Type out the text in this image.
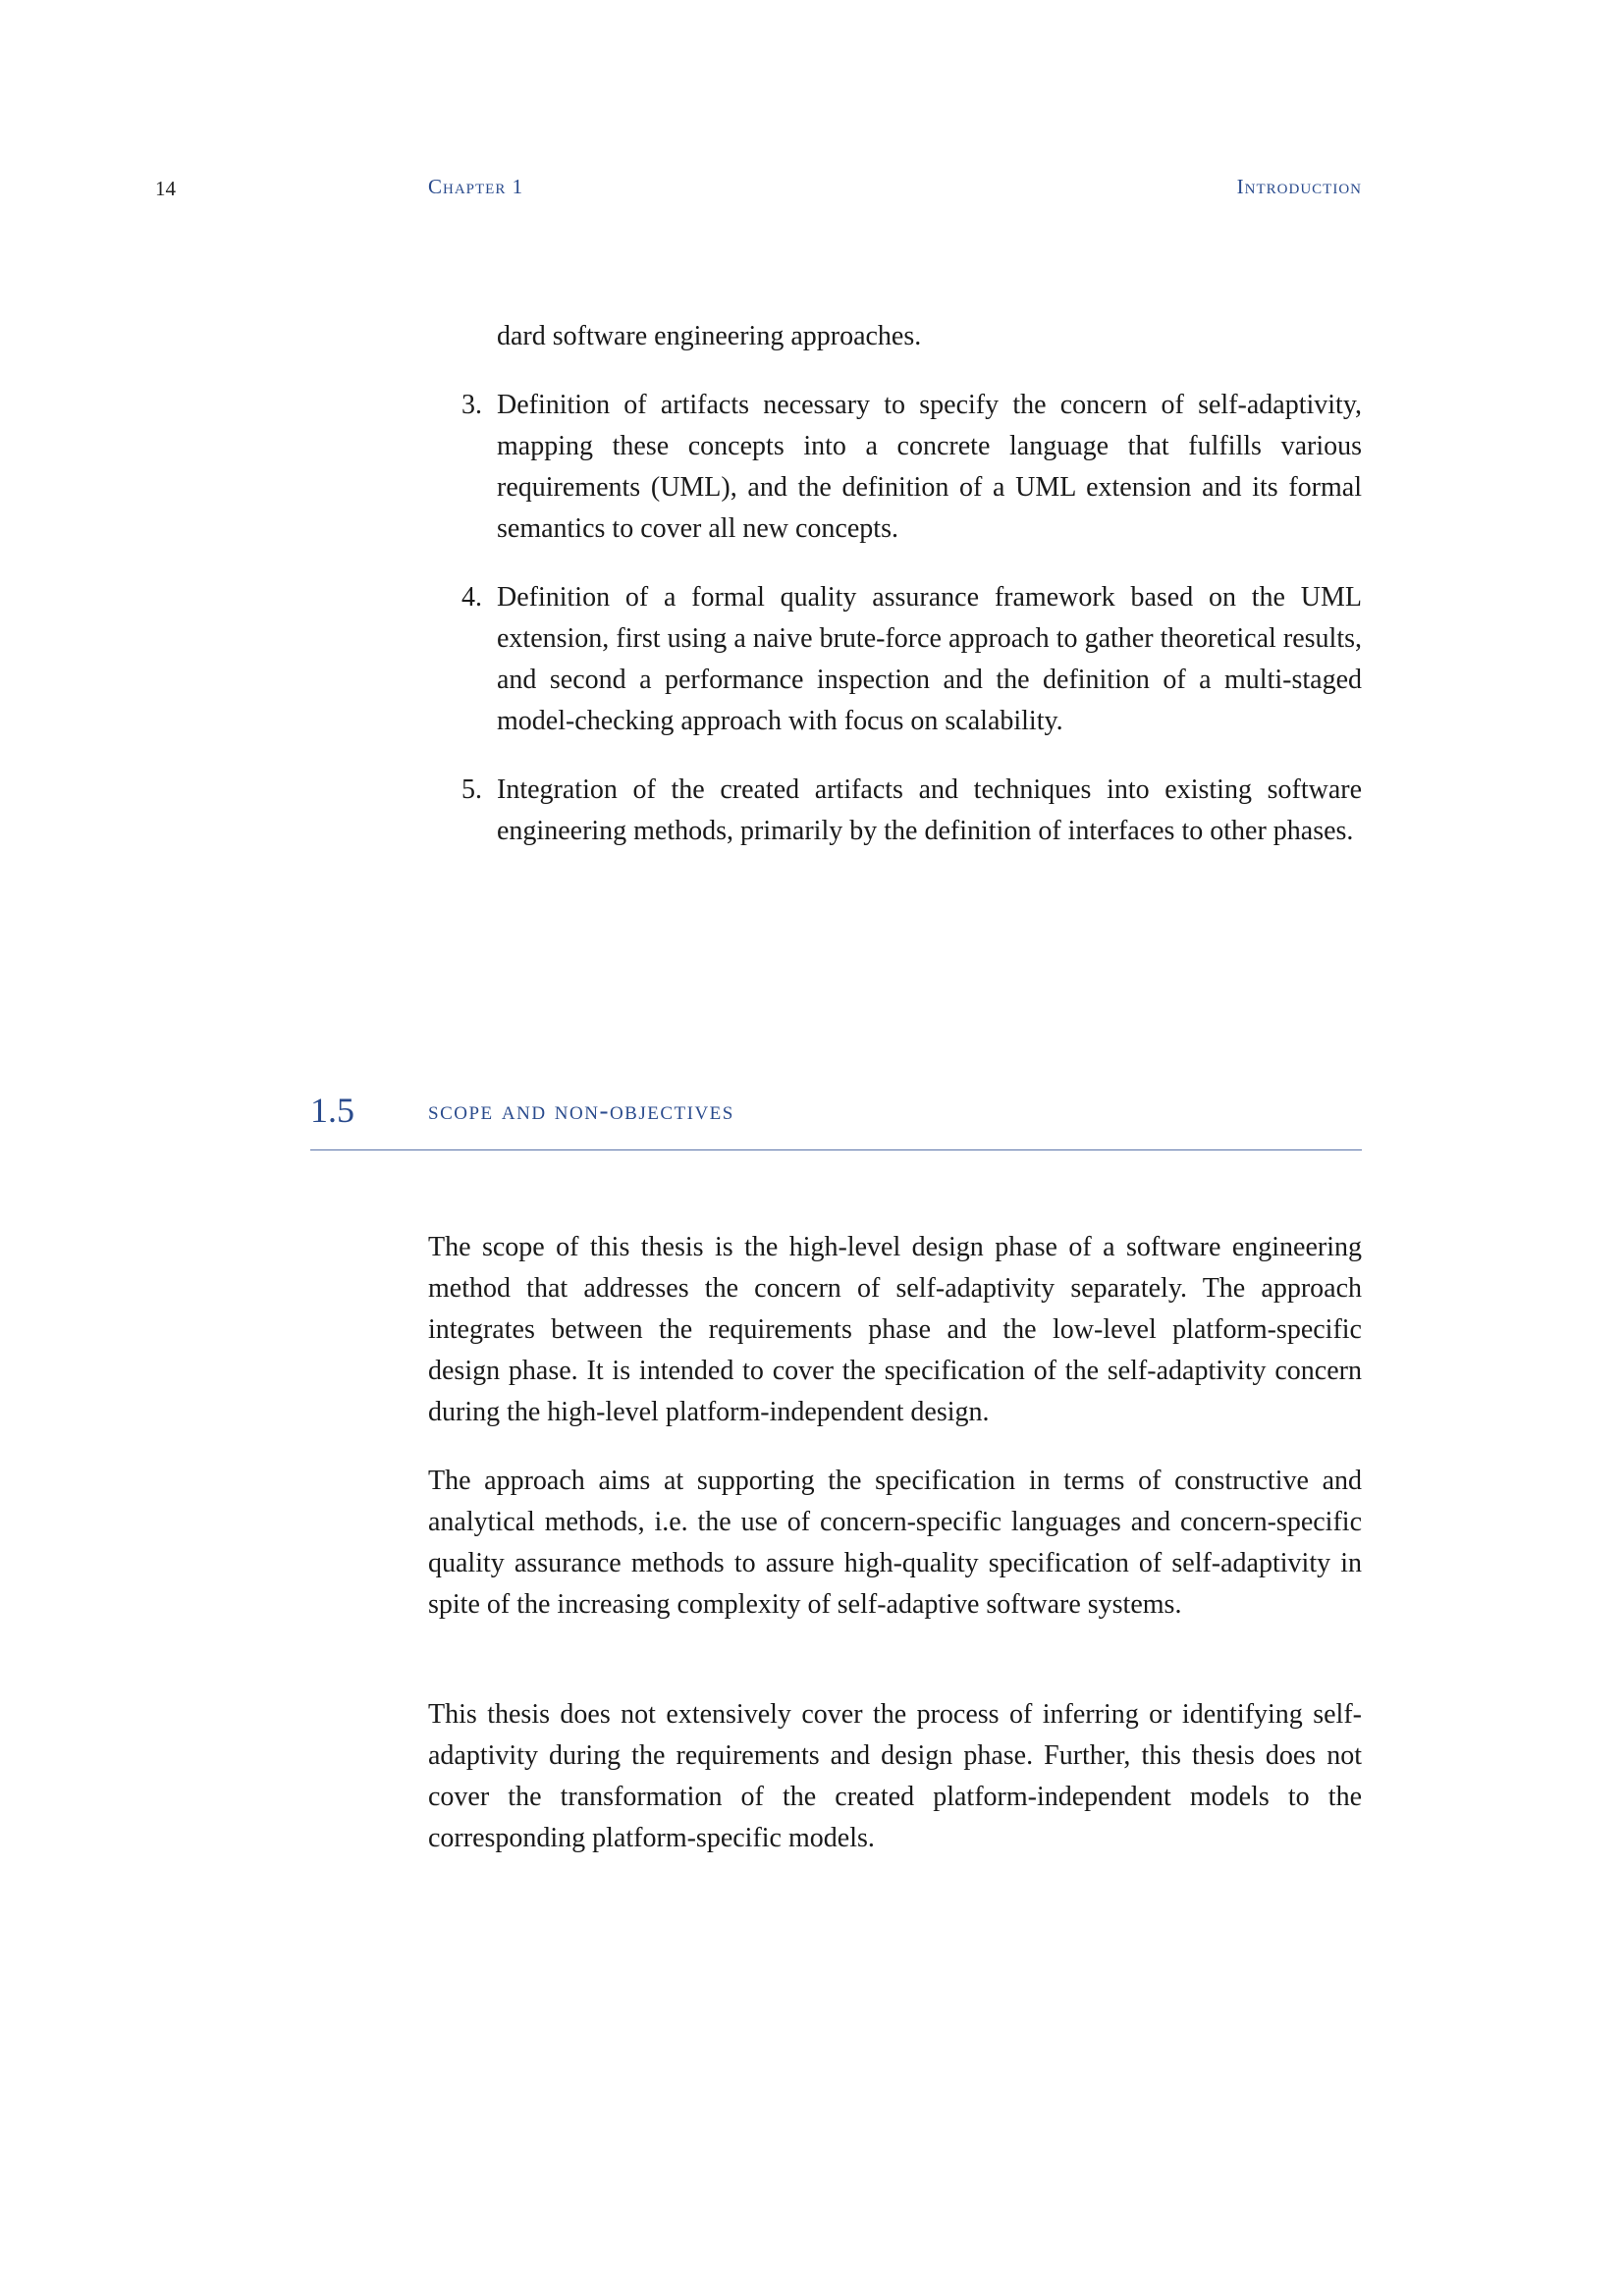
14	Chapter 1	Introduction
dard software engineering approaches.
3. Definition of artifacts necessary to specify the concern of self-adaptivity, mapping these concepts into a concrete language that fulfills various requirements (UML), and the definition of a UML extension and its formal semantics to cover all new concepts.
4. Definition of a formal quality assurance framework based on the UML extension, first using a naive brute-force approach to gather theoretical results, and second a performance inspection and the definition of a multi-staged model-checking approach with focus on scalability.
5. Integration of the created artifacts and techniques into existing software engineering methods, primarily by the definition of interfaces to other phases.
1.5	scope and non-objectives

The scope of this thesis is the high-level design phase of a software engineering method that addresses the concern of self-adaptivity separately. The approach integrates between the requirements phase and the low-level platform-specific design phase. It is intended to cover the specification of the self-adaptivity concern during the high-level platform-independent design.

The approach aims at supporting the specification in terms of constructive and analytical methods, i.e. the use of concern-specific languages and concern-specific quality assurance methods to assure high-quality specification of self-adaptivity in spite of the increasing complexity of self-adaptive software systems.

This thesis does not extensively cover the process of inferring or identifying self-adaptivity during the requirements and design phase. Further, this thesis does not cover the transformation of the created platform-independent models to the corresponding platform-specific models.
